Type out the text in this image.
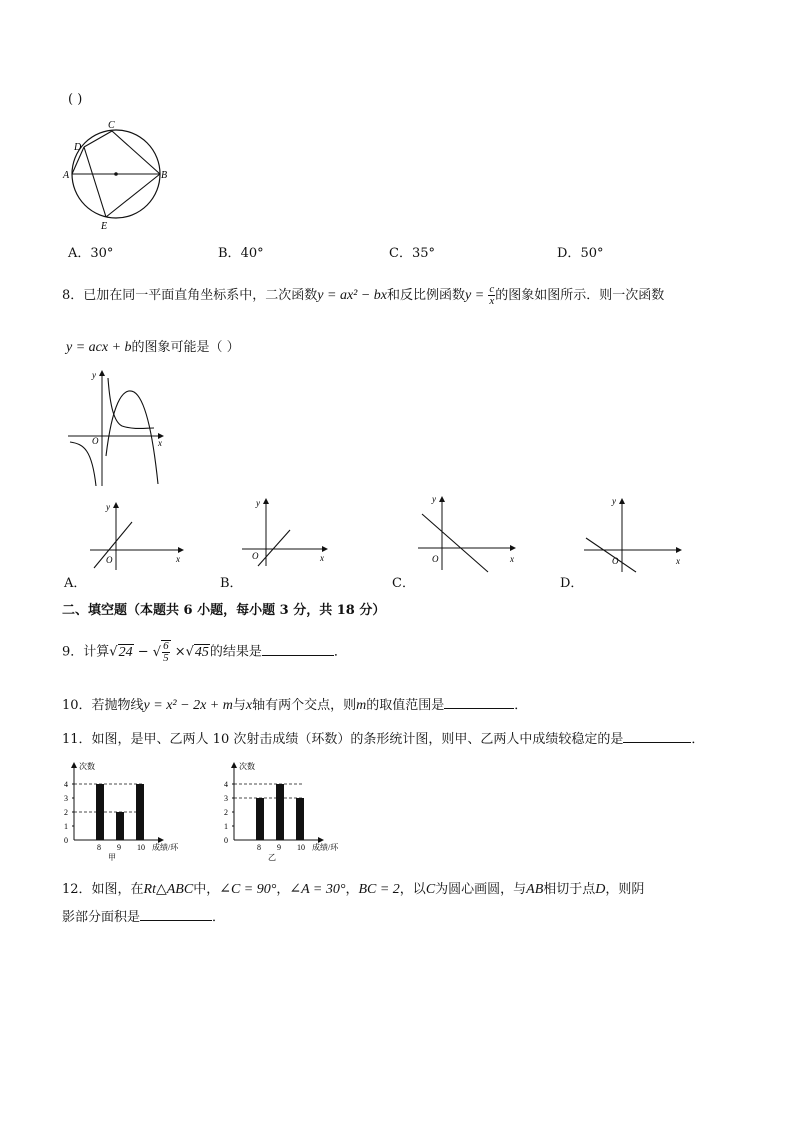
( )
C
D
A	B
E
A．30°	B．40°	C．35°	D．50°
8．已加在同一平面直角坐标系中，二次函数y = ax² − bx和反比例函数$y = \frac{c}{x}$ 的图象如图所示．则一次函数
y = acx + b的图象可能是（ ）
y
x
O
y
x
O
A．
y
x
O
B．
y
x
O
C．
y
x
O
D．
二、填空题（本题共 6 小题，每小题 3 分，共 18 分）
9．计算√24 − √ $\frac{6}{5} \times√45$的结果是	．
10．若抛物线y = x² − 2x + m与x轴有两个交点，则m的取值范围是	．
11．如图，是甲、乙两人 10 次射击成绩（环数）的条形统计图，则甲、乙两人中成绩较稳定的是	．
次数
0
1
2
3
4
8 9 10 成绩/环
甲
次数
0
1
2
3
4
8 9 10 成绩/环
乙
12．如图，在Rt△ABC中，∠C = 90°，∠A = 30°，BC = 2，以C为圆心画圆，与AB相切于点D，则阴
影部分面积是	．
